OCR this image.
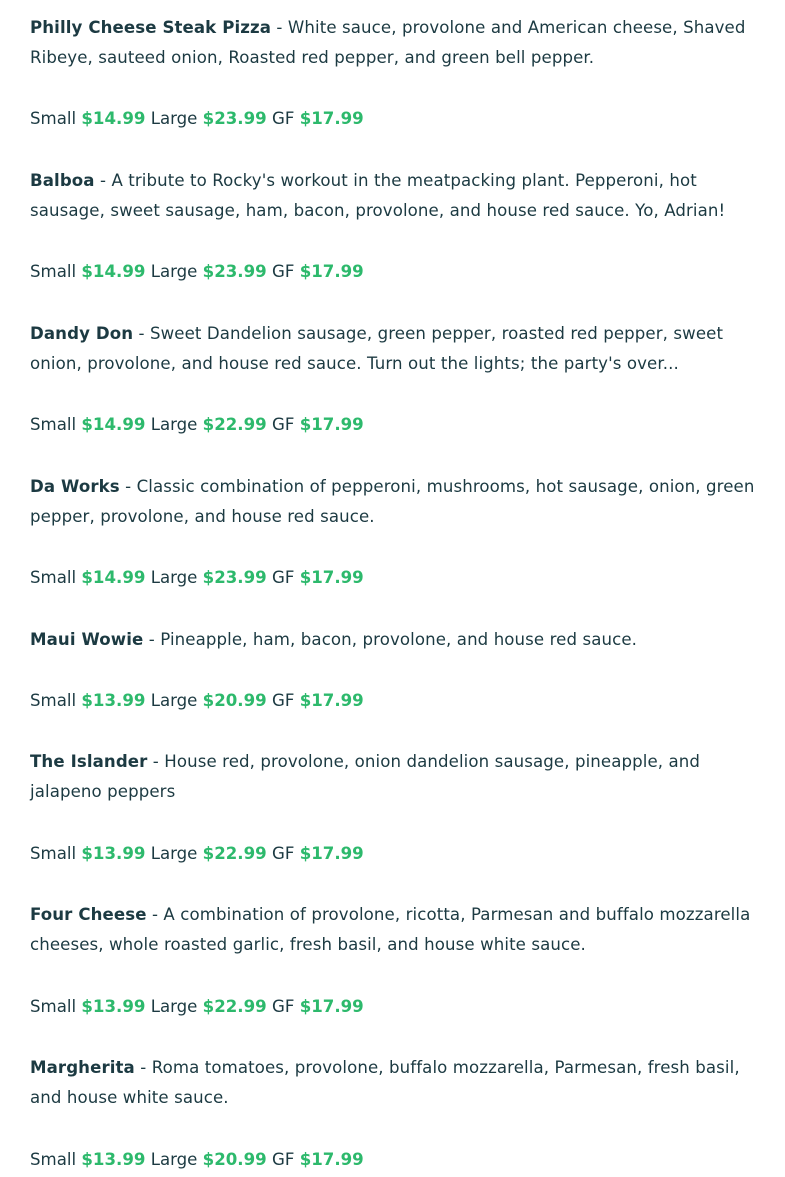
Philly Cheese Steak Pizza - White sauce, provolone and American cheese, Shaved Ribeye, sauteed onion, Roasted red pepper, and green bell pepper.

Small $14.99 Large $23.99 GF $17.99

Balboa - A tribute to Rocky's workout in the meatpacking plant. Pepperoni, hot sausage, sweet sausage, ham, bacon, provolone, and house red sauce. Yo, Adrian!

Small $14.99 Large $23.99 GF $17.99

Dandy Don - Sweet Dandelion sausage, green pepper, roasted red pepper, sweet onion, provolone, and house red sauce. Turn out the lights; the party's over...

Small $14.99 Large $22.99 GF $17.99

Da Works - Classic combination of pepperoni, mushrooms, hot sausage, onion, green pepper, provolone, and house red sauce.

Small $14.99 Large $23.99 GF $17.99

Maui Wowie - Pineapple, ham, bacon, provolone, and house red sauce.

Small $13.99 Large $20.99 GF $17.99

The Islander - House red, provolone, onion dandelion sausage, pineapple, and jalapeno peppers

Small $13.99 Large $22.99 GF $17.99

Four Cheese - A combination of provolone, ricotta, Parmesan and buffalo mozzarella cheeses, whole roasted garlic, fresh basil, and house white sauce.

Small $13.99 Large $22.99 GF $17.99

Margherita - Roma tomatoes, provolone, buffalo mozzarella, Parmesan, fresh basil, and house white sauce.

Small $13.99 Large $20.99 GF $17.99
